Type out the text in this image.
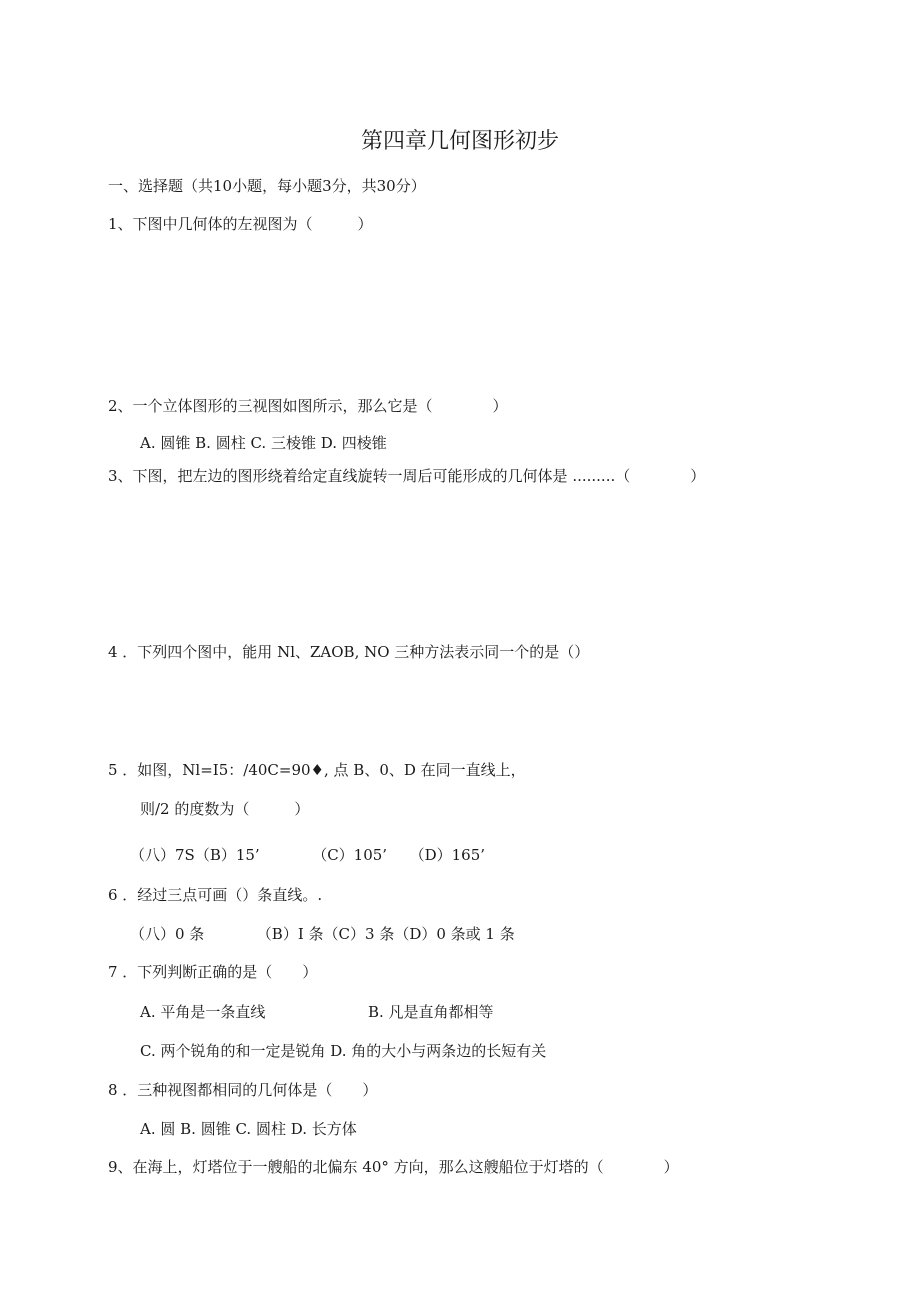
第四章几何图形初步
一、选择题（共10小题，每小题3分，共30分）
1、下图中几何体的左视图为（　　　）
2、一个立体图形的三视图如图所示，那么它是（　　　　）
A. 圆锥 B. 圆柱 C. 三棱锥 D. 四棱锥
3、下图，把左边的图形绕着给定直线旋转一周后可能形成的几何体是 .........（　　　　）
4 ．下列四个图中，能用 Nl、ZAOB, NO 三种方法表示同一个的是（）
5 ．如图，Nl=I5：/40C=90♦, 点 B、0、D 在同一直线上，
则/2 的度数为（　　　）
（八）7S（B）15’　　　　（C）105’　　（D）165’
6 ．经过三点可画（）条直线。.
（八）0 条　　　　（B）I 条（C）3 条（D）0 条或 1 条
7 ．下列判断正确的是（　　）
A. 平角是一条直线	B. 凡是直角都相等
C. 两个锐角的和一定是锐角 D. 角的大小与两条边的长短有关
8 ．三种视图都相同的几何体是（　　）
A. 圆 B. 圆锥 C. 圆柱 D. 长方体
9、在海上，灯塔位于一艘船的北偏东 40° 方向，那么这艘船位于灯塔的（　　　　）
